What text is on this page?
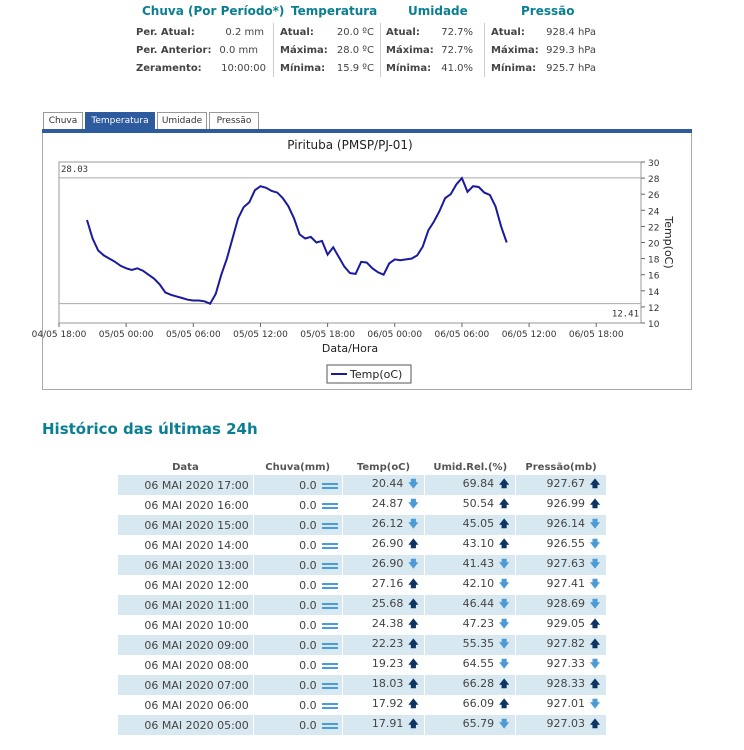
Chuva (Por Período*)
Per. Atual:	0.2 mm
Per. Anterior: 0.0 mm
Zeramento: 10:00:00
Temperatura
Atual: 20.0 ºC
Máxima: 28.0 ºC
Mínima: 15.9 ºC
Umidade
Atual: 72.7%
Máxima: 72.7%
Mínima: 41.0%
Pressão
Atual: 928.4 hPa
Máxima: 929.3 hPa
Mínima: 925.7 hPa
Chuva	Temperatura	Umidade	Pressão
Pirituba (PMSP/PJ-01)
28.03
12.41
10
12
14
16
18
20
22
24
26
28
30
04/05 18:00 05/05 00:00 05/05 06:00 05/05 12:00 05/05 18:00 06/05 00:00 06/05 06:00 06/05 12:00 06/05 18:00
Data/Hora
Temp(oC)
Temp(oC)
Histórico das últimas 24h
Data	Chuva(mm)	Temp(oC)	Umid.Rel.(%)	Pressão(mb)
06 MAI 2020 17:00	0.0	20.44 🡇	69.84 🡅	927.67 🡅
06 MAI 2020 16:00	0.0	24.87 🡇	50.54 🡅	926.99 🡅
06 MAI 2020 15:00	0.0	26.12 🡇	45.05 🡅	926.14 🡇
06 MAI 2020 14:00	0.0	26.90 🡅	43.10 🡅	926.55 🡇
06 MAI 2020 13:00	0.0	26.90 🡇	41.43 🡇	927.63 🡇
06 MAI 2020 12:00	0.0	27.16 🡅	42.10 🡇	927.41 🡇
06 MAI 2020 11:00	0.0	25.68 🡅	46.44 🡇	928.69 🡇
06 MAI 2020 10:00	0.0	24.38 🡅	47.23 🡇	929.05 🡅
06 MAI 2020 09:00	0.0	22.23 🡅	55.35 🡇	927.82 🡅
06 MAI 2020 08:00	0.0	19.23 🡅	64.55 🡇	927.33 🡇
06 MAI 2020 07:00	0.0	18.03 🡅	66.28 🡅	928.33 🡅
06 MAI 2020 06:00	0.0	17.92 🡅	66.09 🡅	927.01 🡇
06 MAI 2020 05:00	0.0	17.91 🡅	65.79 🡇	927.03 🡅
